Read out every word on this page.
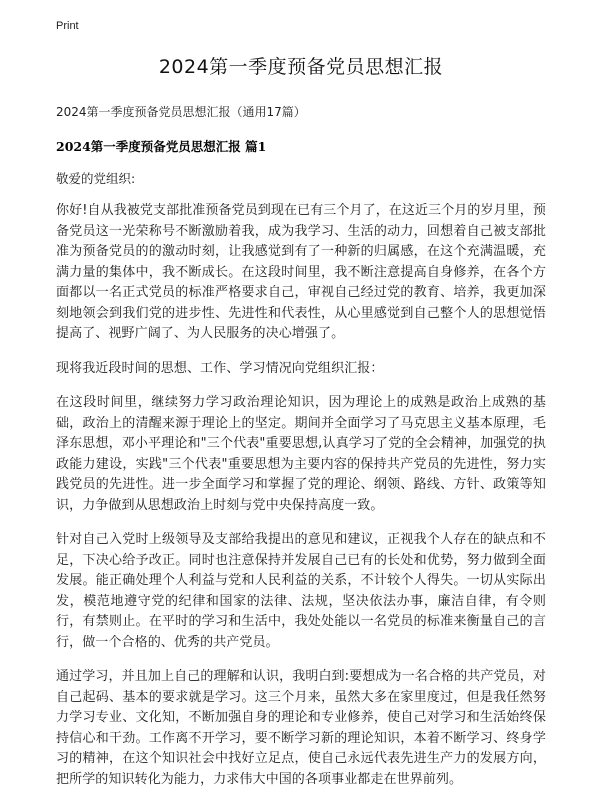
Print
2024第一季度预备党员思想汇报
2024第一季度预备党员思想汇报（通用17篇）
2024第一季度预备党员思想汇报 篇1
敬爱的党组织:

你好!自从我被党支部批准预备党员到现在已有三个月了，在这近三个月的岁月里，预备党员这一光荣称号不断激励着我，成为我学习、生活的动力，回想着自己被支部批准为预备党员的的激动时刻，让我感觉到有了一种新的归属感，在这个充满温暖，充满力量的集体中，我不断成长。在这段时间里，我不断注意提高自身修养，在各个方面都以一名正式党员的标准严格要求自己，审视自己经过党的教育、培养，我更加深刻地领会到我们党的进步性、先进性和代表性，从心里感觉到自己整个人的思想觉悟提高了、视野广阔了、为人民服务的决心增强了。

现将我近段时间的思想、工作、学习情况向党组织汇报：

在这段时间里，继续努力学习政治理论知识，因为理论上的成熟是政治上成熟的基础，政治上的清醒来源于理论上的坚定。期间并全面学习了马克思主义基本原理，毛泽东思想，邓小平理论和"三个代表"重要思想,认真学习了党的全会精神，加强党的执政能力建设，实践"三个代表"重要思想为主要内容的保持共产党员的先进性，努力实践党员的先进性。进一步全面学习和掌握了党的理论、纲领、路线、方针、政策等知识，力争做到从思想政治上时刻与党中央保持高度一致。

针对自己入党时上级领导及支部给我提出的意见和建议，正视我个人存在的缺点和不足，下决心给予改正。同时也注意保持并发展自己已有的长处和优势，努力做到全面发展。能正确处理个人利益与党和人民利益的关系，不计较个人得失。一切从实际出发，模范地遵守党的纪律和国家的法律、法规，坚决依法办事，廉洁自律，有令则行，有禁则止。在平时的学习和生活中，我处处能以一名党员的标准来衡量自己的言行，做一个合格的、优秀的共产党员。

通过学习，并且加上自己的理解和认识，我明白到:要想成为一名合格的共产党员，对自己起码、基本的要求就是学习。这三个月来，虽然大多在家里度过，但是我任然努力学习专业、文化知，不断加强自身的理论和专业修养，使自己对学习和生活始终保持信心和干劲。工作离不开学习，要不断学习新的理论知识，本着不断学习、终身学习的精神，在这个知识社会中找好立足点，使自己永远代表先进生产力的发展方向，把所学的知识转化为能力，力求伟大中国的各项事业都走在世界前列。
